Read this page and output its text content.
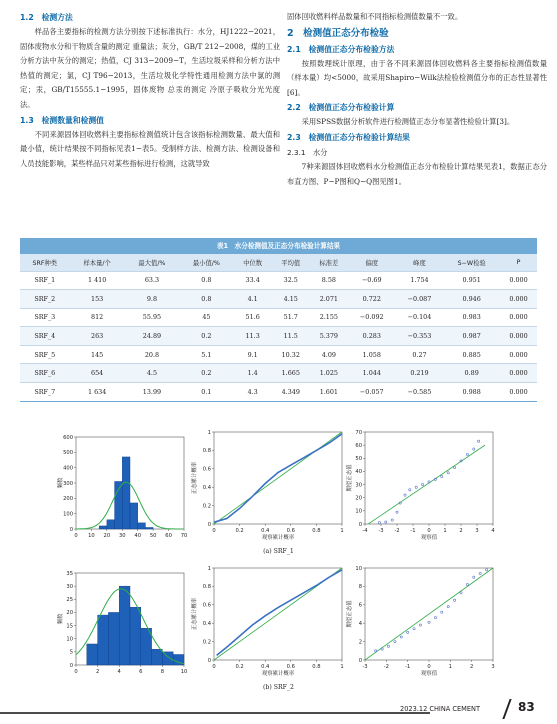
1.2　检测方法
样品各主要指标的检测方法分别按下述标准执行：水分，HJ1222−2021，固体废物水分和干物质含量的测定 重量法；灰分，GB/T 212−2008，煤的工业分析方法中灰分的测定；热值，CJ 313−2009−T，生活垃圾采样和分析方法中热值的测定；氯，CJ T96−2013，生活垃圾化学特性通用检测方法中氯的测定；汞，GB/T15555.1−1995，固体废物 总汞的测定 冷原子吸收分光光度法。
1.3　检测数量和检测值
不同来源固体回收燃料主要指标检测值统计包含该指标检测数量、最大值和最小值，统计结果按不同指标见表1−表5。受制样方法、检测方法、检测设备和人员技能影响，某些样品只对某些指标进行检测，这就导致
固体回收燃料样品数量和不同指标检测值数量不一致。
2　检测值正态分布检验
2.1　检测值正态分布检验方法
按照数理统计原理，由于各不同来源固体回收燃料各主要指标检测值数量（样本量）均<5000，故采用Shapiro−Wilk法检验检测值分布的正态性显著性[6]。
2.2　检测值正态分布检验计算
采用SPSS数据分析软件进行检测值正态分布显著性检验计算[3]。
2.3　检测值正态分布检验计算结果
2.3.1　水分
7种来源固体回收燃料水分检测值正态分布检验计算结果见表1，数据正态分布直方图、P−P图和Q−Q图见图1。
表1　水分检测值及正态分布检验计算结果
SRF种类	样本量/个	最大值/%	最小值/%	中位数	平均值	标准差	偏度	峰度	S−W检验	P
SRF_1	1 410	63.3	0.8	33.4	32.5	8.58	−0.69	1.754	0.951	0.000
SRF_2	153	9.8	0.8	4.1	4.15	2.071	0.722	−0.087	0.946	0.000
SRF_3	812	55.95	45	51.6	51.7	2.155	−0.092	−0.104	0.983	0.000
SRF_4	263	24.89	0.2	11.3	11.5	5.379	0.283	−0.353	0.987	0.000
SRF_5	145	20.8	5.1	9.1	10.32	4.09	1.058	0.27	0.885	0.000
SRF_6	654	4.5	0.2	1.4	1.665	1.025	1.044	0.219	0.89	0.000
SRF_7	1 634	13.99	0.1	4.3	4.349	1.601	−0.057	−0.585	0.988	0.000
0 10 20 30 40 50 60 70
0
100
200
300
400
500
600
频数
0	0.2	0.4	0.6	0.8	1
0
0.2
0.4
0.6
0.8
1
正态累计概率
观察累计概率
-4 -3 -2 -1 0 1 2 3 4
0
10
20
30
40
50
60
70
期望正态值
观察值
(a) SRF_1
0	2	4	6	8	10
0
5
10
15
20
25
30
35
频数
0	0.2	0.4	0.6	0.8	1
0
0.2
0.4
0.6
0.8
1
正态累计概率
观察累计概率
-3	-2	-1	0	1	2	3
0
2
4
6
8
10
期望正态值
观察值
(b) SRF_2
2023.12 CHINA CEMENT	83
